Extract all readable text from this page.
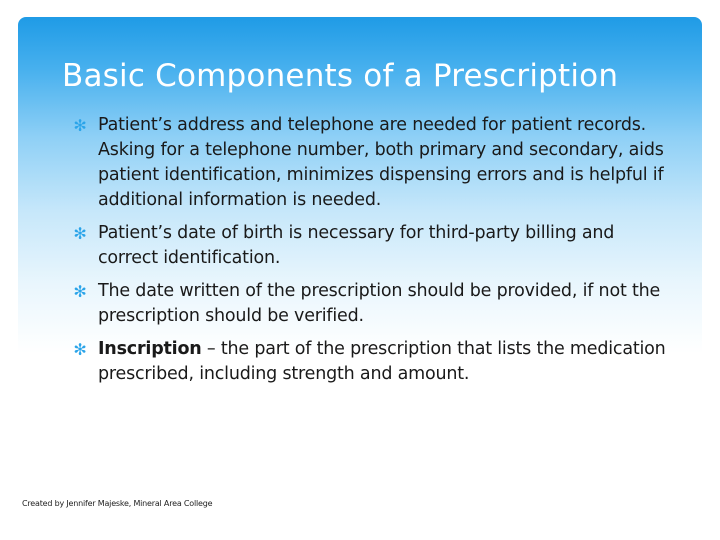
Basic Components of a Prescription
✻ Patient’s address and telephone are needed for patient records. Asking for a telephone number, both primary and secondary, aids patient identification, minimizes dispensing errors and is helpful if additional information is needed.
✻ Patient’s date of birth is necessary for third-party billing and correct identification.
✻ The date written of the prescription should be provided, if not the prescription should be verified.
✻ Inscription – the part of the prescription that lists the medication prescribed, including strength and amount.
Created by Jennifer Majeske, Mineral Area College
